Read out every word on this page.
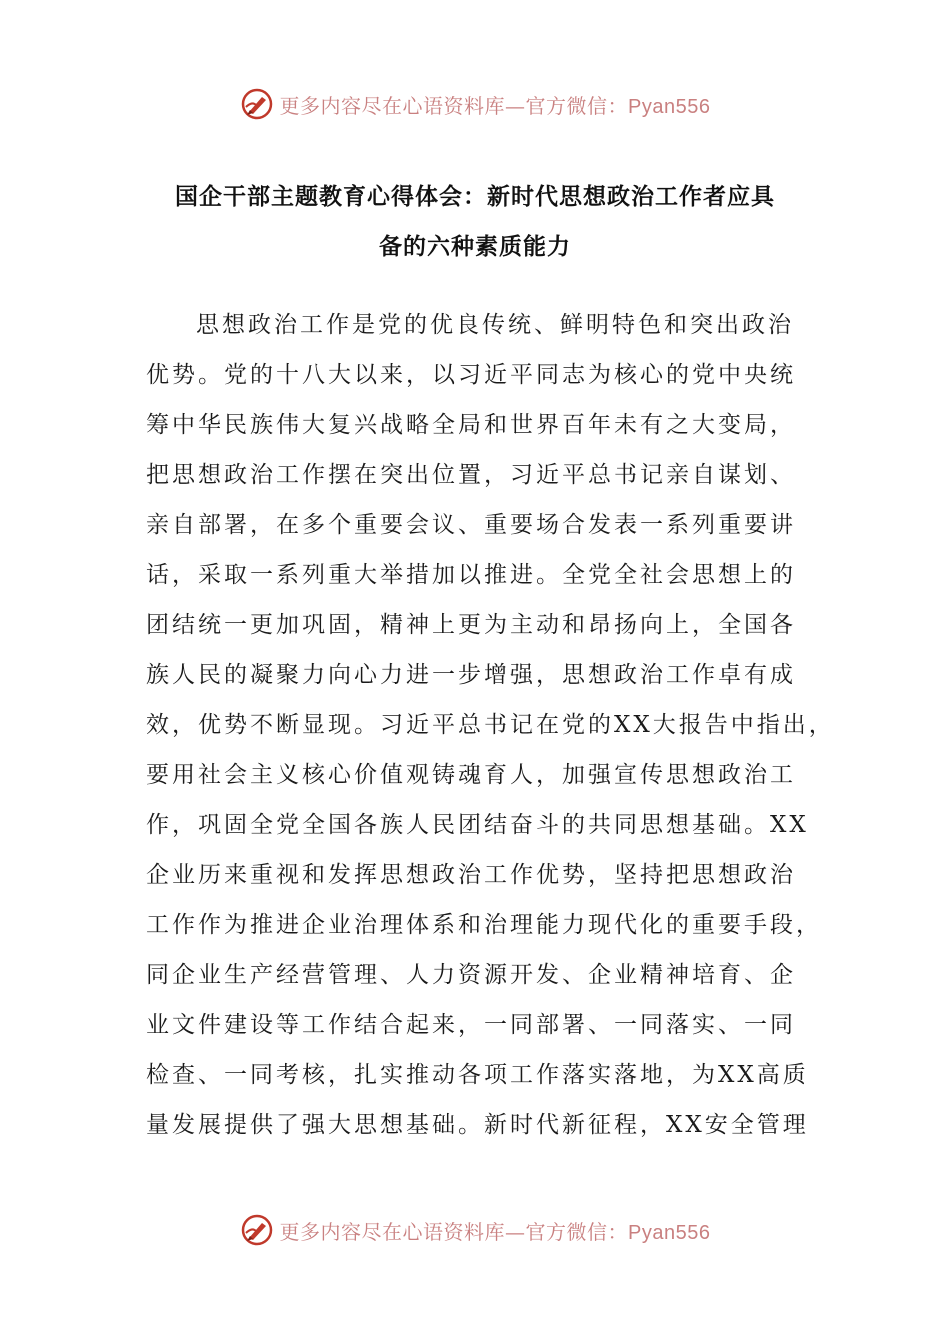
更多内容尽在心语资料库—官方微信：Pyan556
国企干部主题教育心得体会：新时代思想政治工作者应具
备的六种素质能力
思想政治工作是党的优良传统、鲜明特色和突出政治
优势。党的十八大以来，以习近平同志为核心的党中央统
筹中华民族伟大复兴战略全局和世界百年未有之大变局，
把思想政治工作摆在突出位置，习近平总书记亲自谋划、
亲自部署，在多个重要会议、重要场合发表一系列重要讲
话，采取一系列重大举措加以推进。全党全社会思想上的
团结统一更加巩固，精神上更为主动和昂扬向上，全国各
族人民的凝聚力向心力进一步增强，思想政治工作卓有成
效，优势不断显现。习近平总书记在党的XX大报告中指出，
要用社会主义核心价值观铸魂育人，加强宣传思想政治工
作，巩固全党全国各族人民团结奋斗的共同思想基础。XX
企业历来重视和发挥思想政治工作优势，坚持把思想政治
工作作为推进企业治理体系和治理能力现代化的重要手段，
同企业生产经营管理、人力资源开发、企业精神培育、企
业文件建设等工作结合起来，一同部署、一同落实、一同
检查、一同考核，扎实推动各项工作落实落地，为XX高质
量发展提供了强大思想基础。新时代新征程，XX安全管理
更多内容尽在心语资料库—官方微信：Pyan556
